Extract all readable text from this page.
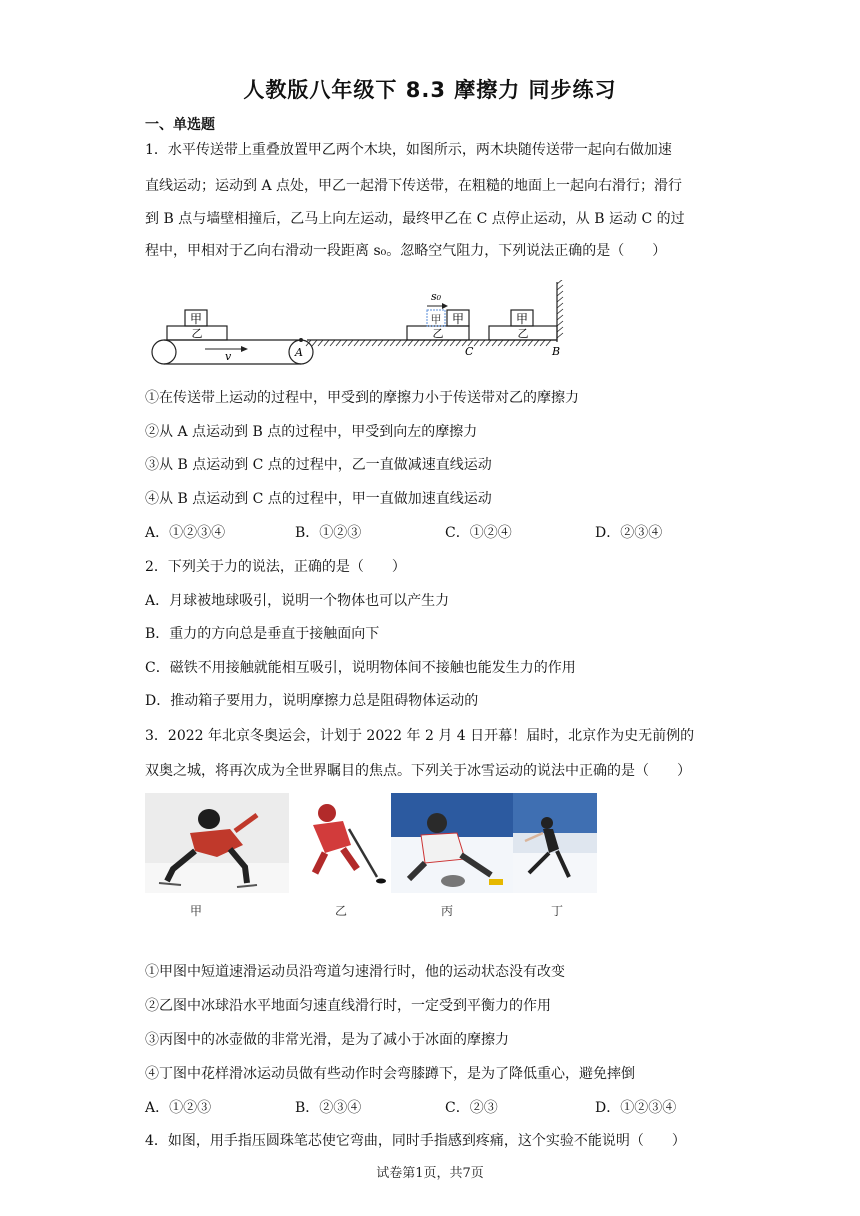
人教版八年级下 8.3 摩擦力 同步练习
一、单选题
1．水平传送带上重叠放置甲乙两个木块，如图所示，两木块随传送带一起向右做加速
直线运动；运动到 A 点处，甲乙一起滑下传送带，在粗糙的地面上一起向右滑行；滑行
到 B 点与墙壁相撞后，乙马上向左运动，最终甲乙在 C 点停止运动，从 B 运动 C 的过
程中，甲相对于乙向右滑动一段距离 s₀。忽略空气阻力，下列说法正确的是（　　）
甲
乙
v	A
甲 甲
乙
s₀
C
甲
乙
B
①在传送带上运动的过程中，甲受到的摩擦力小于传送带对乙的摩擦力
②从 A 点运动到 B 点的过程中，甲受到向左的摩擦力
③从 B 点运动到 C 点的过程中，乙一直做减速直线运动
④从 B 点运动到 C 点的过程中，甲一直做加速直线运动
A．①②③④	B．①②③	C．①②④	D．②③④
2．下列关于力的说法，正确的是（　　）
A．月球被地球吸引，说明一个物体也可以产生力
B．重力的方向总是垂直于接触面向下
C．磁铁不用接触就能相互吸引，说明物体间不接触也能发生力的作用
D．推动箱子要用力，说明摩擦力总是阻碍物体运动的
3．2022 年北京冬奥运会，计划于 2022 年 2 月 4 日开幕！届时，北京作为史无前例的
双奥之城，将再次成为全世界瞩目的焦点。下列关于冰雪运动的说法中正确的是（　　）
甲	乙	丙	丁
①甲图中短道速滑运动员沿弯道匀速滑行时，他的运动状态没有改变
②乙图中冰球沿水平地面匀速直线滑行时，一定受到平衡力的作用
③丙图中的冰壶做的非常光滑，是为了减小于冰面的摩擦力
④丁图中花样滑冰运动员做有些动作时会弯膝蹲下，是为了降低重心，避免摔倒
A．①②③	B．②③④	C．②③	D．①②③④
4．如图，用手指压圆珠笔芯使它弯曲，同时手指感到疼痛，这个实验不能说明（　　）
试卷第1页，共7页
